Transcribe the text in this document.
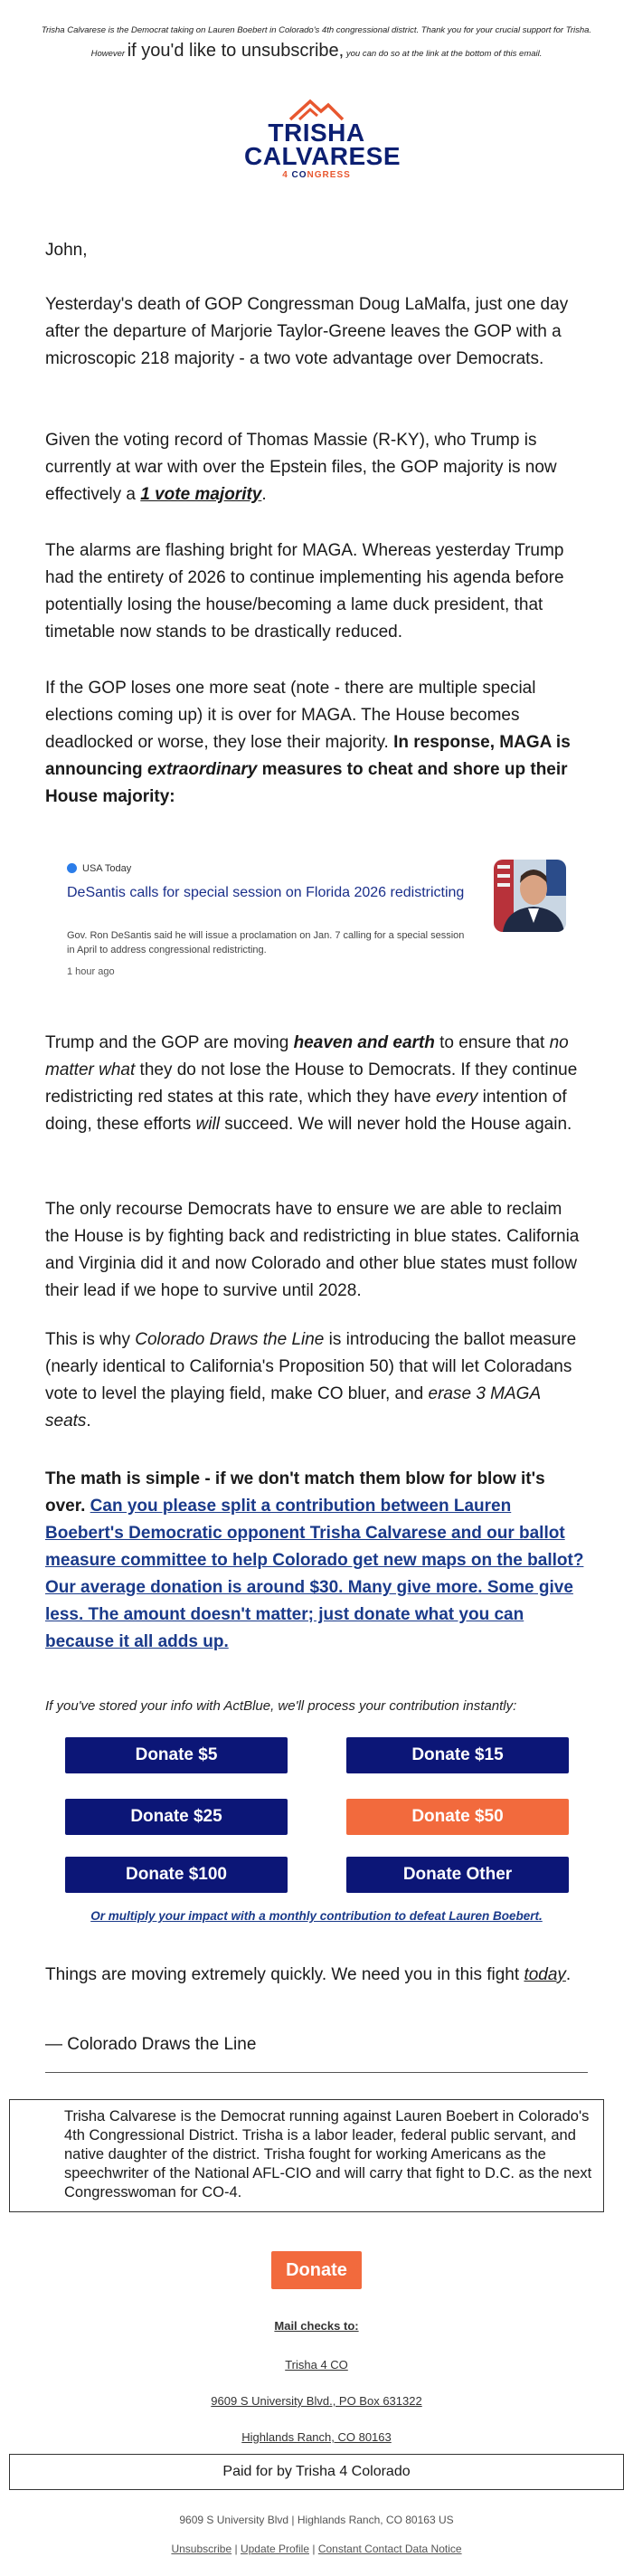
Trisha Calvarese is the Democrat taking on Lauren Boebert in Colorado's 4th congressional district. Thank you for your crucial support for Trisha. However if you'd like to unsubscribe, you can do so at the link at the bottom of this email.
TRISHA
CALVARESE
4 CONGRESS
John,
Yesterday's death of GOP Congressman Doug LaMalfa, just one day after the departure of Marjorie Taylor-Greene leaves the GOP with a microscopic 218 majority - a two vote advantage over Democrats.
Given the voting record of Thomas Massie (R-KY), who Trump is currently at war with over the Epstein files, the GOP majority is now effectively a 1 vote majority.
The alarms are flashing bright for MAGA. Whereas yesterday Trump had the entirety of 2026 to continue implementing his agenda before potentially losing the house/becoming a lame duck president, that timetable now stands to be drastically reduced.
If the GOP loses one more seat (note - there are multiple special elections coming up) it is over for MAGA. The House becomes deadlocked or worse, they lose their majority. In response, MAGA is announcing extraordinary measures to cheat and shore up their House majority:
USA Today
DeSantis calls for special session on Florida 2026 redistricting
Gov. Ron DeSantis said he will issue a proclamation on Jan. 7 calling for a special session in April to address congressional redistricting.
1 hour ago
Trump and the GOP are moving heaven and earth to ensure that no matter what they do not lose the House to Democrats. If they continue redistricting red states at this rate, which they have every intention of doing, these efforts will succeed. We will never hold the House again.
The only recourse Democrats have to ensure we are able to reclaim the House is by fighting back and redistricting in blue states. California and Virginia did it and now Colorado and other blue states must follow their lead if we hope to survive until 2028.
This is why Colorado Draws the Line is introducing the ballot measure (nearly identical to California's Proposition 50) that will let Coloradans vote to level the playing field, make CO bluer, and erase 3 MAGA seats.
The math is simple - if we don't match them blow for blow it's over. Can you please split a contribution between Lauren Boebert's Democratic opponent Trisha Calvarese and our ballot measure committee to help Colorado get new maps on the ballot? Our average donation is around $30. Many give more. Some give less. The amount doesn't matter; just donate what you can because it all adds up.
If you've stored your info with ActBlue, we'll process your contribution instantly:
Donate $5	Donate $15
Donate $25	Donate $50
Donate $100	Donate Other
Or multiply your impact with a monthly contribution to defeat Lauren Boebert.
Things are moving extremely quickly. We need you in this fight today.
— Colorado Draws the Line
Trisha Calvarese is the Democrat running against Lauren Boebert in Colorado's 4th Congressional District. Trisha is a labor leader, federal public servant, and native daughter of the district. Trisha fought for working Americans as the speechwriter of the National AFL-CIO and will carry that fight to D.C. as the next Congresswoman for CO-4.
Donate
Mail checks to:
Trisha 4 CO
9609 S University Blvd., PO Box 631322
Highlands Ranch, CO 80163
Paid for by Trisha 4 Colorado
9609 S University Blvd | Highlands Ranch, CO 80163 US
Unsubscribe | Update Profile | Constant Contact Data Notice
